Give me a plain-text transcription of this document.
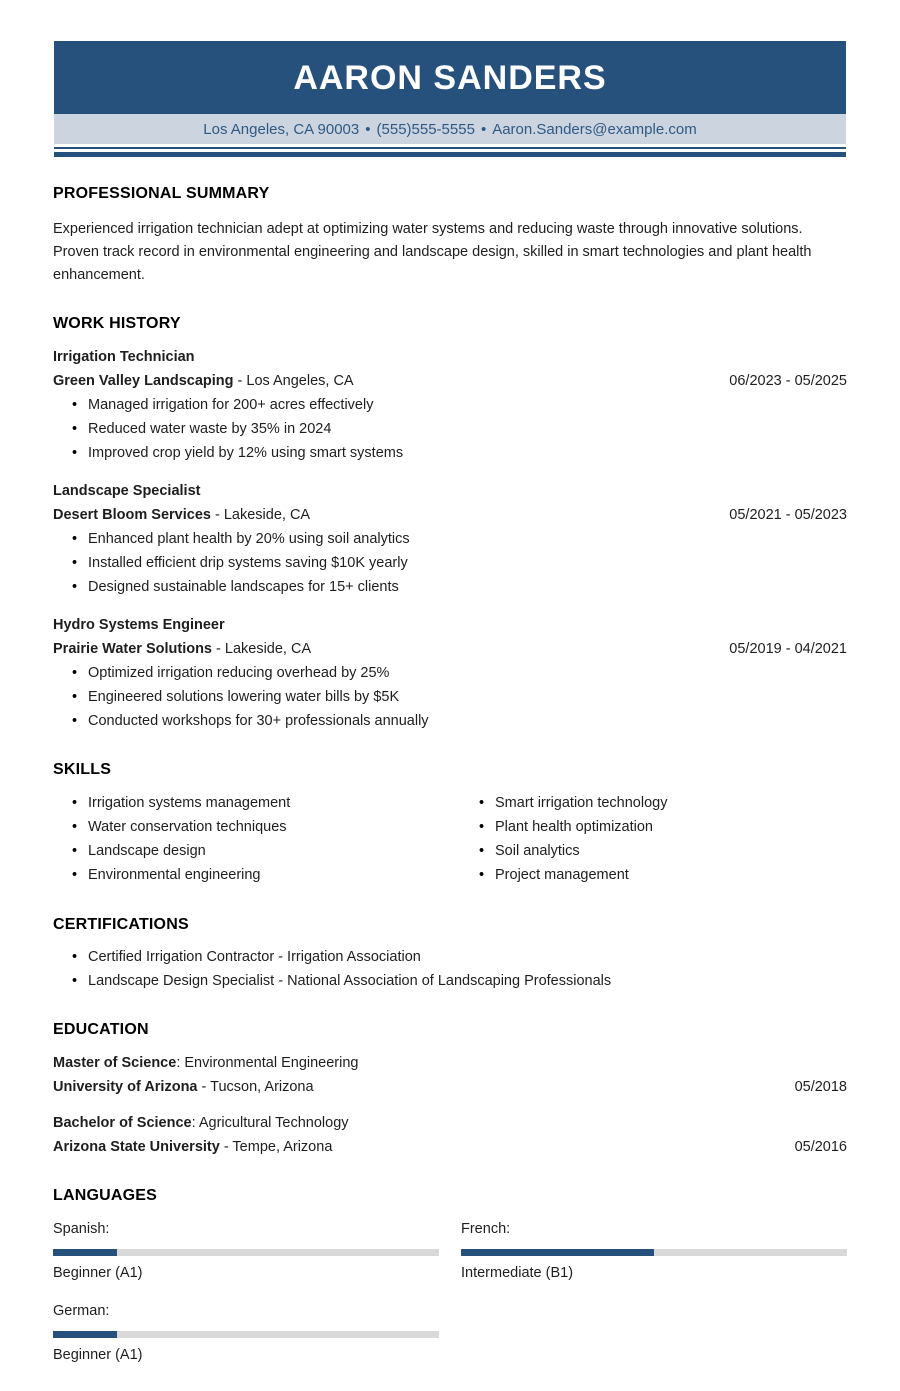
AARON SANDERS
Los Angeles, CA 90003 • (555)555-5555 • Aaron.Sanders@example.com
PROFESSIONAL SUMMARY

Experienced irrigation technician adept at optimizing water systems and reducing waste through innovative solutions. Proven track record in environmental engineering and landscape design, skilled in smart technologies and plant health enhancement.

WORK HISTORY
Irrigation Technician
Green Valley Landscaping - Los Angeles, CA	06/2023 - 05/2025
• Managed irrigation for 200+ acres effectively
• Reduced water waste by 35% in 2024
• Improved crop yield by 12% using smart systems
Landscape Specialist
Desert Bloom Services - Lakeside, CA	05/2021 - 05/2023
• Enhanced plant health by 20% using soil analytics
• Installed efficient drip systems saving $10K yearly
• Designed sustainable landscapes for 15+ clients
Hydro Systems Engineer
Prairie Water Solutions - Lakeside, CA	05/2019 - 04/2021
• Optimized irrigation reducing overhead by 25%
• Engineered solutions lowering water bills by $5K
• Conducted workshops for 30+ professionals annually
SKILLS
• Irrigation systems management
• Water conservation techniques
• Landscape design
• Environmental engineering
• Smart irrigation technology
• Plant health optimization
• Soil analytics
• Project management
CERTIFICATIONS
• Certified Irrigation Contractor - Irrigation Association
• Landscape Design Specialist - National Association of Landscaping Professionals
EDUCATION
Master of Science: Environmental Engineering
University of Arizona - Tucson, Arizona	05/2018
Bachelor of Science: Agricultural Technology
Arizona State University - Tempe, Arizona	05/2016
LANGUAGES
Spanish:
Beginner (A1)
French:
Intermediate (B1)
German:
Beginner (A1)
